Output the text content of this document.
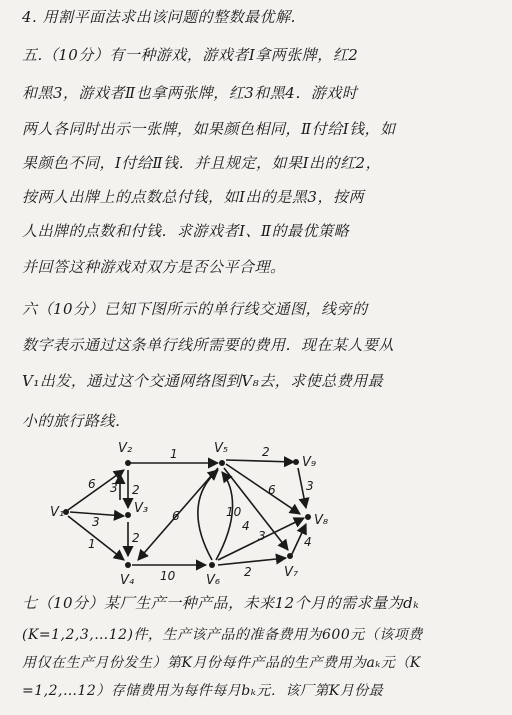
4. 用割平面法求出该问题的整数最优解.
五.（10分）有一种游戏，游戏者Ⅰ拿两张牌，红2
和黑3，游戏者Ⅱ也拿两张牌，红3和黑4．游戏时
两人各同时出示一张牌，如果颜色相同，Ⅱ付给Ⅰ钱，如
果颜色不同，Ⅰ付给Ⅱ钱．并且规定，如果Ⅰ出的红2，
按两人出牌上的点数总付钱，如Ⅰ出的是黑3，按两
人出牌的点数和付钱．求游戏者Ⅰ、Ⅱ的最优策略
并回答这种游戏对双方是否公平合理。
六（10分）已知下图所示的单行线交通图，线旁的
数字表示通过这条单行线所需要的费用．现在某人要从
V₁出发，通过这个交通网络图到V₈去，求使总费用最
小的旅行路线．
V₁
V₂
V₃
V₄
V₅
V₆
V₇
V₈
V₉
1
6
3
1
2
3
2
10
6	10
4
2
6
2
3
4
3
七（10分）某厂生产一种产品，未来12个月的需求量为dₖ
(K=1,2,3,…12)件，生产该产品的准备费用为600元（该项费
用仅在生产月份发生）第K月份每件产品的生产费用为aₖ元（K
=1,2,…12）存储费用为每件每月bₖ元．该厂第K月份最
